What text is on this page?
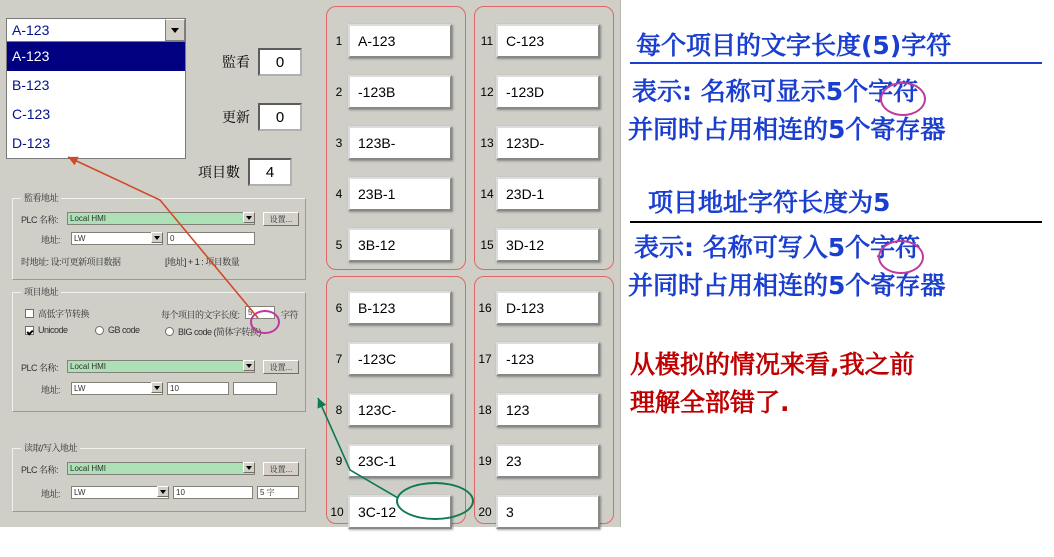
A-123
A-123
B-123
C-123
D-123
監看	0
更新	0
項目數	4
監看地址
PLC 名称:	Local HMI	设置...
地址:	LW	0
时地址: 设:可更新项目数据	[地址] + 1 : 项目数量
项目地址
高低字节转换	每个项目的文字长度:	5	字符
Unicode	GB code	BIG code (简体字转换)
PLC 名称:	Local HMI	设置...
地址:	LW	10
读取/写入地址
PLC 名称:	Local HMI	设置...
地址:	LW	10	5 字
1	A-123
2	-123B
3	123B-
4	23B-1
5	3B-12
11 C-123
12 -123D
13 123D-
14 23D-1
15 3D-12
6	B-123
7	-123C
8	123C-
9	23C-1
10	3C-12
16	D-123
17	-123
18	123
19	23
20	3
每个项目的文字长度(5)字符
表示: 名称可显示5个字符
并同时占用相连的5个寄存器
项目地址字符长度为5
表示: 名称可写入5个字符
并同时占用相连的5个寄存器
从模拟的情况来看,我之前
理解全部错了.
